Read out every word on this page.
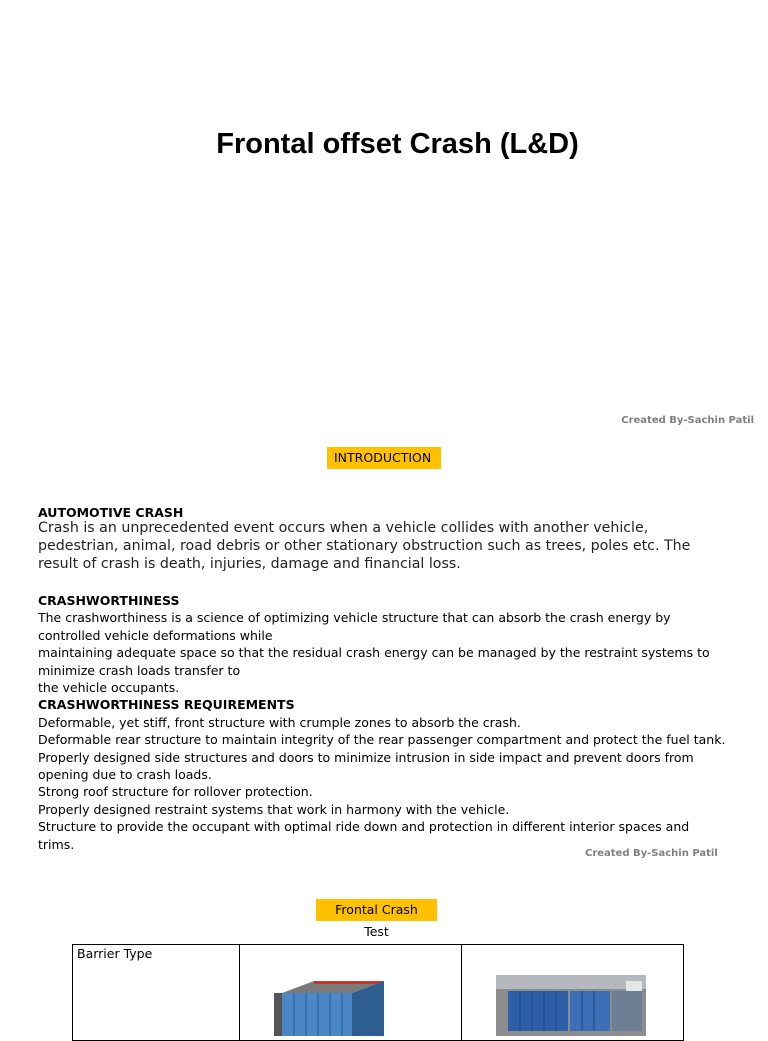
Frontal offset Crash (L&D)
Created By-Sachin Patil
INTRODUCTION
AUTOMOTIVE CRASH
Crash is an unprecedented event occurs when a vehicle collides with another vehicle, pedestrian, animal, road debris or other stationary obstruction such as trees, poles etc. The result of crash is death, injuries, damage and financial loss.
CRASHWORTHINESS
The crashworthiness is a science of optimizing vehicle structure that can absorb the crash energy by controlled vehicle deformations while
maintaining adequate space so that the residual crash energy can be managed by the restraint systems to minimize crash loads transfer to
the vehicle occupants.
CRASHWORTHINESS REQUIREMENTS
Deformable, yet stiff, front structure with crumple zones to absorb the crash.
Deformable rear structure to maintain integrity of the rear passenger compartment and protect the fuel tank.
Properly designed side structures and doors to minimize intrusion in side impact and prevent doors from opening due to crash loads.
Strong roof structure for rollover protection.
Properly designed restraint systems that work in harmony with the vehicle.
Structure to provide the occupant with optimal ride down and protection in different interior spaces and trims.
Created By-Sachin Patil
Frontal Crash Test
Barrier Type		
